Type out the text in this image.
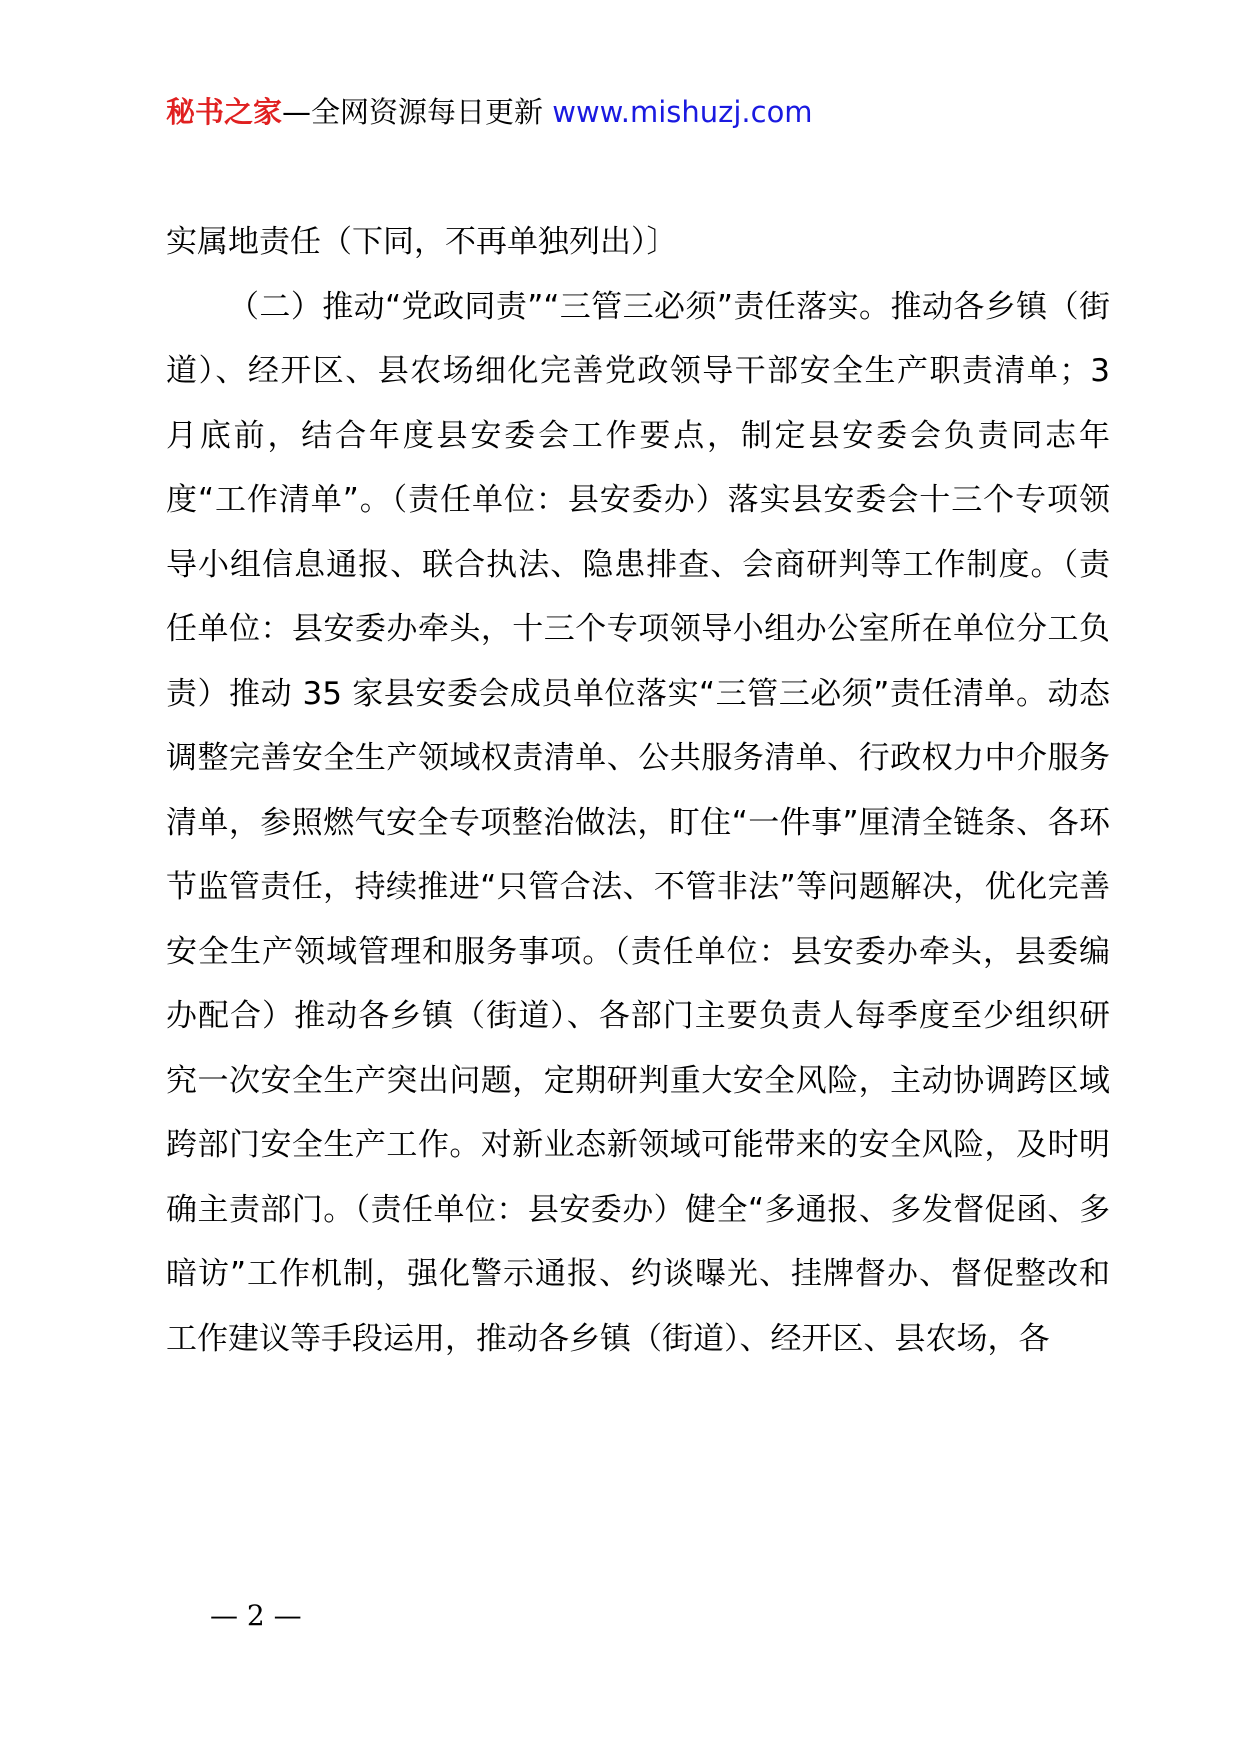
秘书之家—全网资源每日更新 www.mishuzj.com

实属地责任（下同，不再单独列出）〕

（二）推动“党政同责”“三管三必须”责任落实。推动各乡镇（街道）、经开区、县农场细化完善党政领导干部安全生产职责清单；3 月底前，结合年度县安委会工作要点，制定县安委会负责同志年度“工作清单”。（责任单位：县安委办）落实县安委会十三个专项领导小组信息通报、联合执法、隐患排查、会商研判等工作制度。（责任单位：县安委办牵头，十三个专项领导小组办公室所在单位分工负责）推动 35 家县安委会成员单位落实“三管三必须”责任清单。动态调整完善安全生产领域权责清单、公共服务清单、行政权力中介服务清单，参照燃气安全专项整治做法，盯住“一件事”厘清全链条、各环节监管责任，持续推进“只管合法、不管非法”等问题解决，优化完善安全生产领域管理和服务事项。（责任单位：县安委办牵头，县委编办配合）推动各乡镇（街道）、各部门主要负责人每季度至少组织研究一次安全生产突出问题，定期研判重大安全风险，主动协调跨区域跨部门安全生产工作。对新业态新领域可能带来的安全风险，及时明确主责部门。（责任单位：县安委办）健全“多通报、多发督促函、多暗访”工作机制，强化警示通报、约谈曝光、挂牌督办、督促整改和工作建议等手段运用，推动各乡镇（街道）、经开区、县农场，各

— 2 —
